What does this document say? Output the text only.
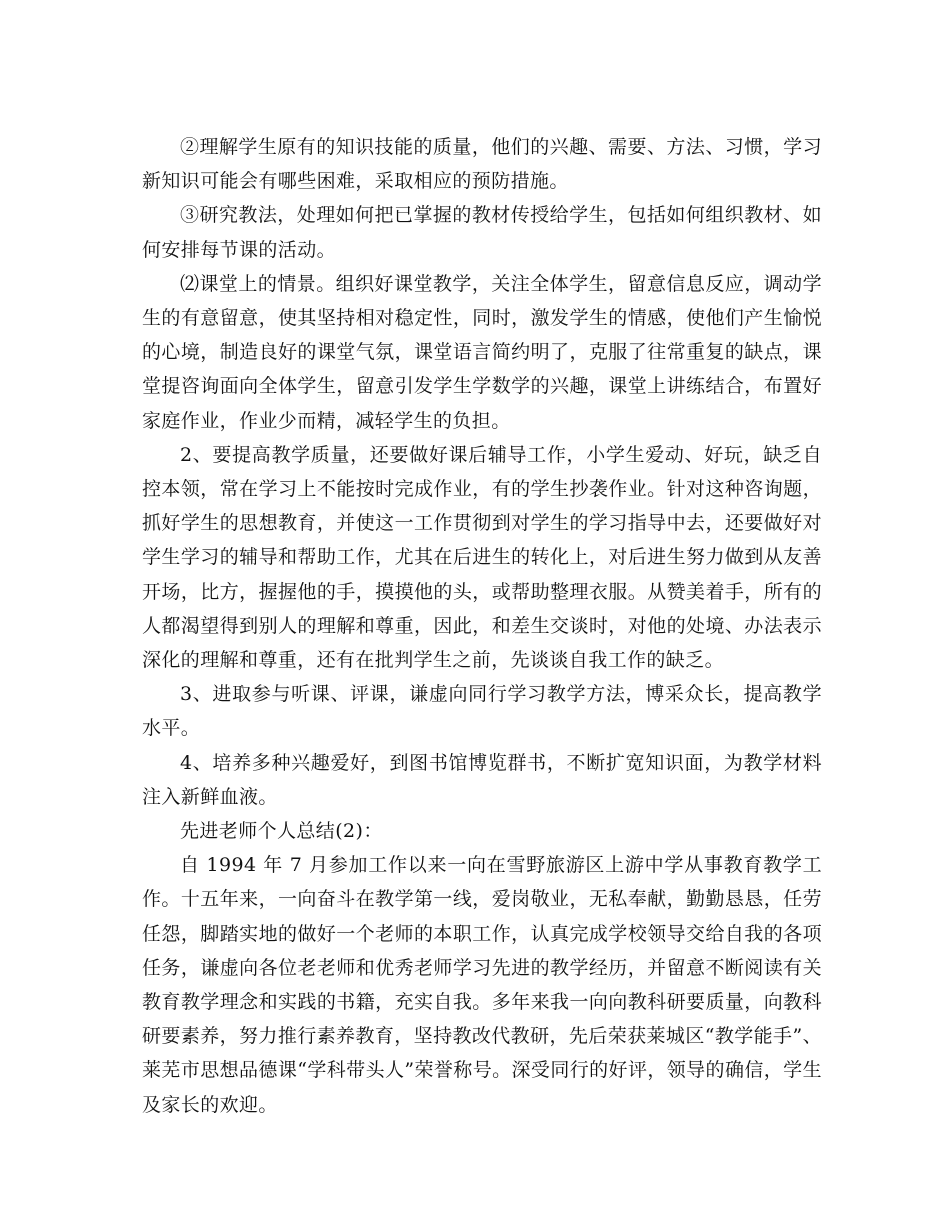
②理解学生原有的知识技能的质量，他们的兴趣、需要、方法、习惯，学习新知识可能会有哪些困难，采取相应的预防措施。

③研究教法，处理如何把已掌握的教材传授给学生，包括如何组织教材、如何安排每节课的活动。

⑵课堂上的情景。组织好课堂教学，关注全体学生，留意信息反应，调动学生的有意留意，使其坚持相对稳定性，同时，激发学生的情感，使他们产生愉悦的心境，制造良好的课堂气氛，课堂语言简约明了，克服了往常重复的缺点，课堂提咨询面向全体学生，留意引发学生学数学的兴趣，课堂上讲练结合，布置好家庭作业，作业少而精，减轻学生的负担。

2、要提高教学质量，还要做好课后辅导工作，小学生爱动、好玩，缺乏自控本领，常在学习上不能按时完成作业，有的学生抄袭作业。针对这种咨询题，抓好学生的思想教育，并使这一工作贯彻到对学生的学习指导中去，还要做好对学生学习的辅导和帮助工作，尤其在后进生的转化上，对后进生努力做到从友善开场，比方，握握他的手，摸摸他的头，或帮助整理衣服。从赞美着手，所有的人都渴望得到别人的理解和尊重，因此，和差生交谈时，对他的处境、办法表示深化的理解和尊重，还有在批判学生之前，先谈谈自我工作的缺乏。

3、进取参与听课、评课，谦虚向同行学习教学方法，博采众长，提高教学水平。

4、培养多种兴趣爱好，到图书馆博览群书，不断扩宽知识面，为教学材料注入新鲜血液。

先进老师个人总结(2)：

自 1994 年 7 月参加工作以来一向在雪野旅游区上游中学从事教育教学工作。十五年来，一向奋斗在教学第一线，爱岗敬业，无私奉献，勤勤恳恳，任劳任怨，脚踏实地的做好一个老师的本职工作，认真完成学校领导交给自我的各项任务，谦虚向各位老老师和优秀老师学习先进的教学经历，并留意不断阅读有关教育教学理念和实践的书籍，充实自我。多年来我一向向教科研要质量，向教科研要素养，努力推行素养教育，坚持教改代教研，先后荣获莱城区“教学能手”、莱芜市思想品德课“学科带头人”荣誉称号。深受同行的好评，领导的确信，学生及家长的欢迎。
